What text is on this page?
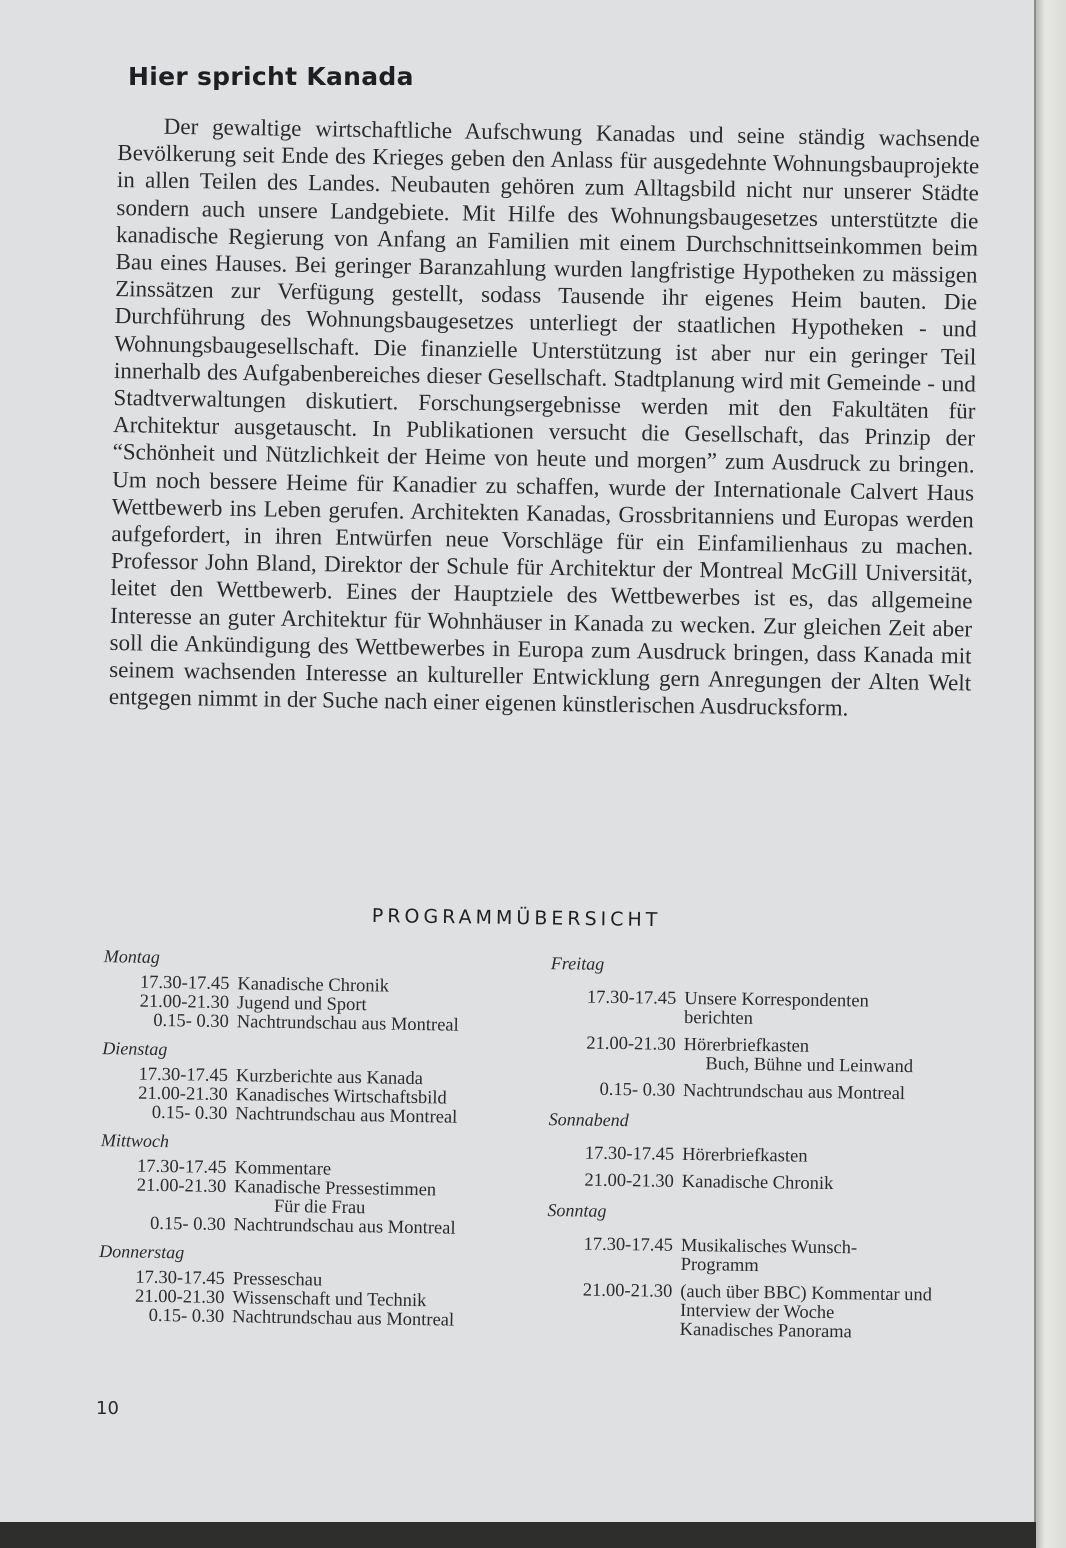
Hier spricht Kanada

Der gewaltige wirtschaftliche Aufschwung Kanadas und seine ständig wachsende Bevölkerung seit Ende des Krieges geben den Anlass für ausgedehnte Wohnungsbauprojekte in allen Teilen des Landes. Neubauten gehören zum Alltagsbild nicht nur unserer Städte sondern auch unsere Landgebiete. Mit Hilfe des Wohnungsbaugesetzes unterstützte die kanadische Regierung von Anfang an Familien mit einem Durchschnittseinkommen beim Bau eines Hauses. Bei geringer Baranzahlung wurden langfristige Hypotheken zu mässigen Zinssätzen zur Verfügung gestellt, sodass Tausende ihr eigenes Heim bauten. Die Durchführung des Wohnungsbaugesetzes unterliegt der staatlichen Hypotheken - und Wohnungsbaugesellschaft. Die finanzielle Unterstützung ist aber nur ein geringer Teil innerhalb des Aufgabenbereiches dieser Gesellschaft. Stadtplanung wird mit Gemeinde - und Stadtverwaltungen diskutiert. Forschungsergebnisse werden mit den Fakultäten für Architektur ausgetauscht. In Publikationen versucht die Gesellschaft, das Prinzip der “Schönheit und Nützlichkeit der Heime von heute und morgen” zum Ausdruck zu bringen. Um noch bessere Heime für Kanadier zu schaffen, wurde der Internationale Calvert Haus Wettbewerb ins Leben gerufen. Architekten Kanadas, Grossbritanniens und Europas werden aufgefordert, in ihren Entwürfen neue Vorschläge für ein Einfamilienhaus zu machen. Professor John Bland, Direktor der Schule für Architektur der Montreal McGill Universität, leitet den Wettbewerb. Eines der Hauptziele des Wettbewerbes ist es, das allgemeine Interesse an guter Architektur für Wohnhäuser in Kanada zu wecken. Zur gleichen Zeit aber soll die Ankündigung des Wettbewerbes in Europa zum Ausdruck bringen, dass Kanada mit seinem wachsenden Interesse an kultureller Entwicklung gern Anregungen der Alten Welt entgegen nimmt in der Suche nach einer eigenen künstlerischen Ausdrucksform.

PROGRAMMÜBERSICHT
Montag
17.30-17.45 Kanadische Chronik
21.00-21.30 Jugend und Sport
0.15- 0.30 Nachtrundschau aus Montreal
Dienstag
17.30-17.45 Kurzberichte aus Kanada
21.00-21.30 Kanadisches Wirtschaftsbild
0.15- 0.30 Nachtrundschau aus Montreal
Mittwoch
17.30-17.45 Kommentare
21.00-21.30 Kanadische Pressestimmen
Für die Frau
0.15- 0.30 Nachtrundschau aus Montreal
Donnerstag
17.30-17.45 Presseschau
21.00-21.30 Wissenschaft und Technik
0.15- 0.30 Nachtrundschau aus Montreal
Freitag
17.30-17.45 Unsere Korrespondenten
berichten
21.00-21.30 Hörerbriefkasten
Buch, Bühne und Leinwand
0.15- 0.30 Nachtrundschau aus Montreal
Sonnabend
17.30-17.45 Hörerbriefkasten
21.00-21.30 Kanadische Chronik
Sonntag
17.30-17.45 Musikalisches Wunsch-
Programm
21.00-21.30 (auch über BBC) Kommentar und Interview der Woche
Kanadisches Panorama
10
